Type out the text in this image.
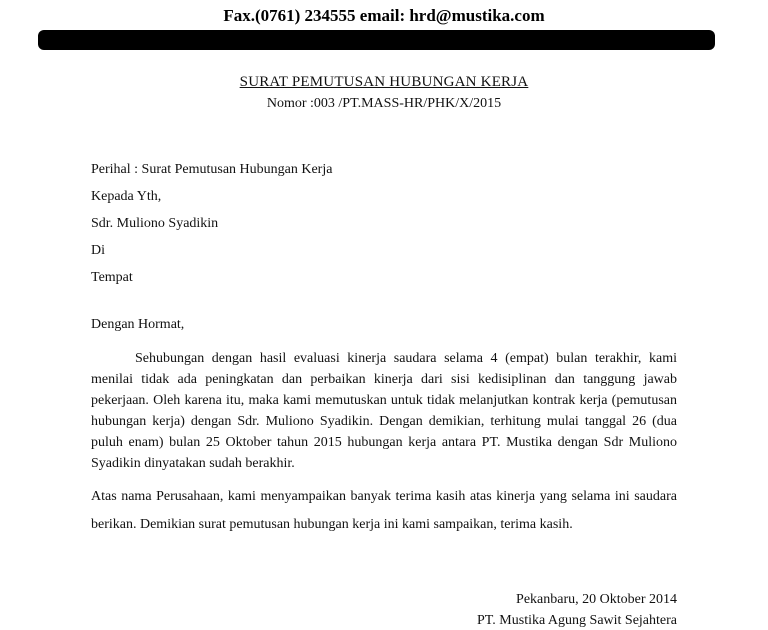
Fax.(0761) 234555 email: hrd@mustika.com
SURAT PEMUTUSAN HUBUNGAN KERJA
Nomor :003 /PT.MASS-HR/PHK/X/2015
Perihal : Surat Pemutusan Hubungan Kerja
Kepada Yth,
Sdr. Muliono Syadikin
Di
Tempat
Dengan Hormat,
Sehubungan dengan hasil evaluasi kinerja saudara selama 4 (empat) bulan terakhir, kami menilai tidak ada peningkatan dan perbaikan kinerja dari sisi kedisiplinan dan tanggung jawab pekerjaan. Oleh karena itu, maka kami memutuskan untuk tidak melanjutkan kontrak kerja (pemutusan hubungan kerja) dengan Sdr. Muliono Syadikin. Dengan demikian, terhitung mulai tanggal 26 (dua puluh enam) bulan 25 Oktober tahun 2015 hubungan kerja antara PT. Mustika dengan Sdr Muliono Syadikin dinyatakan sudah berakhir.
Atas nama Perusahaan, kami menyampaikan banyak terima kasih atas kinerja yang selama ini saudara berikan. Demikian surat pemutusan hubungan kerja ini kami sampaikan, terima kasih.
Pekanbaru, 20 Oktober 2014
PT. Mustika Agung Sawit Sejahtera
